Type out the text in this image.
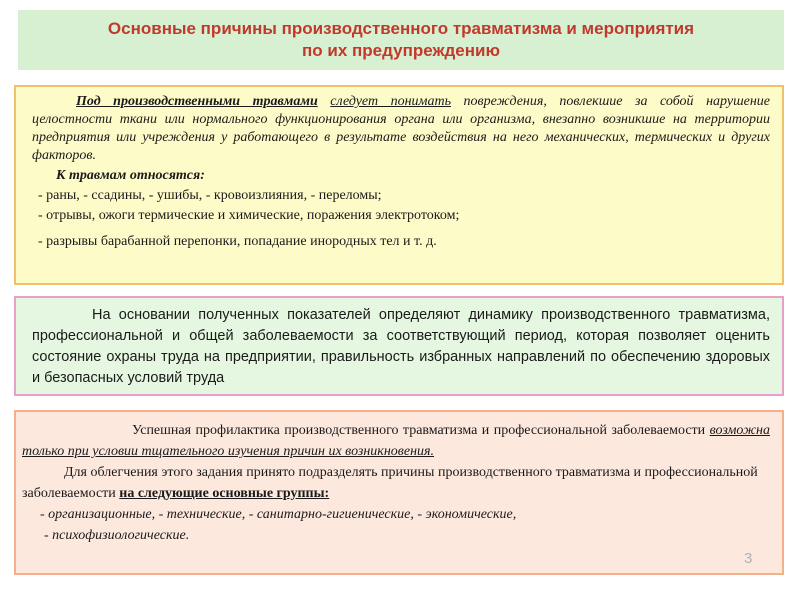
Основные причины производственного травматизма и мероприятия
по их предупреждению
Под производственными травмами следует понимать повреждения, повлекшие за собой нарушение целостности ткани или нормального функционирования органа или организма, внезапно возникшие на территории предприятия или учреждения у работающего в результате воздействия на него механических, термических и других факторов.
К травмам относятся:
- раны, - ссадины, - ушибы, - кровоизлияния, - переломы;
- отрывы, ожоги термические и химические, поражения электротоком;
- разрывы барабанной перепонки, попадание инородных тел и т. д.
На основании полученных показателей определяют динамику производственного травматизма, профессиональной и общей заболеваемости за соответствующий период, которая позволяет оценить состояние охраны труда на предприятии, правильность избранных направлений по обеспечению здоровых и безопасных условий труда
Успешная профилактика производственного травматизма и профессиональной заболеваемости возможна только при условии тщательного изучения причин их возникновения.
Для облегчения этого задания принято подразделять причины производственного травматизма и профессиональной заболеваемости на следующие основные группы:
- организационные, - технические, - санитарно-гигиенические, - экономические,
- психофизиологические.
3
